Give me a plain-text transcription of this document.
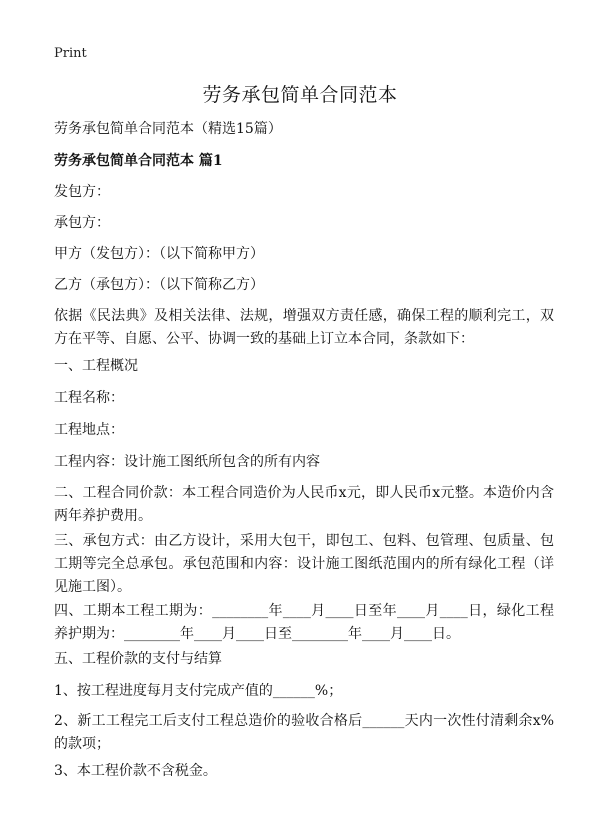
Print
劳务承包简单合同范本
劳务承包简单合同范本（精选15篇）
劳务承包简单合同范本 篇1
发包方：
承包方：
甲方（发包方）：（以下简称甲方）
乙方（承包方）：（以下简称乙方）
依据《民法典》及相关法律、法规，增强双方责任感，确保工程的顺利完工，双方在平等、自愿、公平、协调一致的基础上订立本合同，条款如下：
一、工程概况
工程名称：
工程地点：
工程内容：设计施工图纸所包含的所有内容
二、工程合同价款：本工程合同造价为人民币x元，即人民币x元整。本造价内含两年养护费用。
三、承包方式：由乙方设计，采用大包干，即包工、包料、包管理、包质量、包工期等完全总承包。承包范围和内容：设计施工图纸范围内的所有绿化工程（详见施工图）。
四、工期本工程工期为：________年____月____日至年____月____日，绿化工程养护期为：________年____月____日至________年____月____日。
五、工程价款的支付与结算
1、按工程进度每月支付完成产值的______%；
2、新工工程完工后支付工程总造价的验收合格后______天内一次性付清剩余x%的款项；
3、本工程价款不含税金。
